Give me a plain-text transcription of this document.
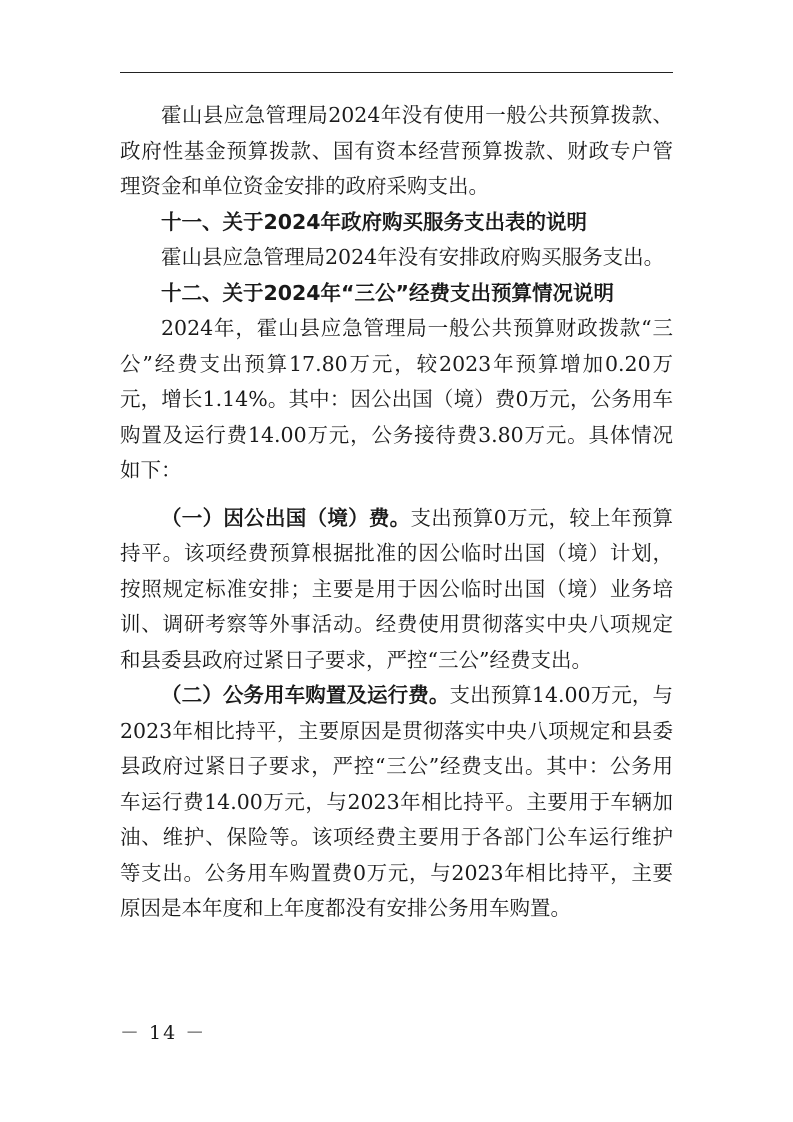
霍山县应急管理局2024年没有使用一般公共预算拨款、政府性基金预算拨款、国有资本经营预算拨款、财政专户管理资金和单位资金安排的政府采购支出。

十一、关于2024年政府购买服务支出表的说明

霍山县应急管理局2024年没有安排政府购买服务支出。

十二、关于2024年“三公”经费支出预算情况说明

2024年，霍山县应急管理局一般公共预算财政拨款“三公”经费支出预算17.80万元，较2023年预算增加0.20万元，增长1.14%。其中：因公出国（境）费0万元，公务用车购置及运行费14.00万元，公务接待费3.80万元。具体情况如下：

（一）因公出国（境）费。支出预算0万元，较上年预算持平。该项经费预算根据批准的因公临时出国（境）计划，按照规定标准安排；主要是用于因公临时出国（境）业务培训、调研考察等外事活动。经费使用贯彻落实中央八项规定和县委县政府过紧日子要求，严控“三公”经费支出。

（二）公务用车购置及运行费。支出预算14.00万元，与2023年相比持平，主要原因是贯彻落实中央八项规定和县委县政府过紧日子要求，严控“三公”经费支出。其中：公务用车运行费14.00万元，与2023年相比持平。主要用于车辆加油、维护、保险等。该项经费主要用于各部门公车运行维护等支出。公务用车购置费0万元，与2023年相比持平，主要原因是本年度和上年度都没有安排公务用车购置。

－ 14 －
